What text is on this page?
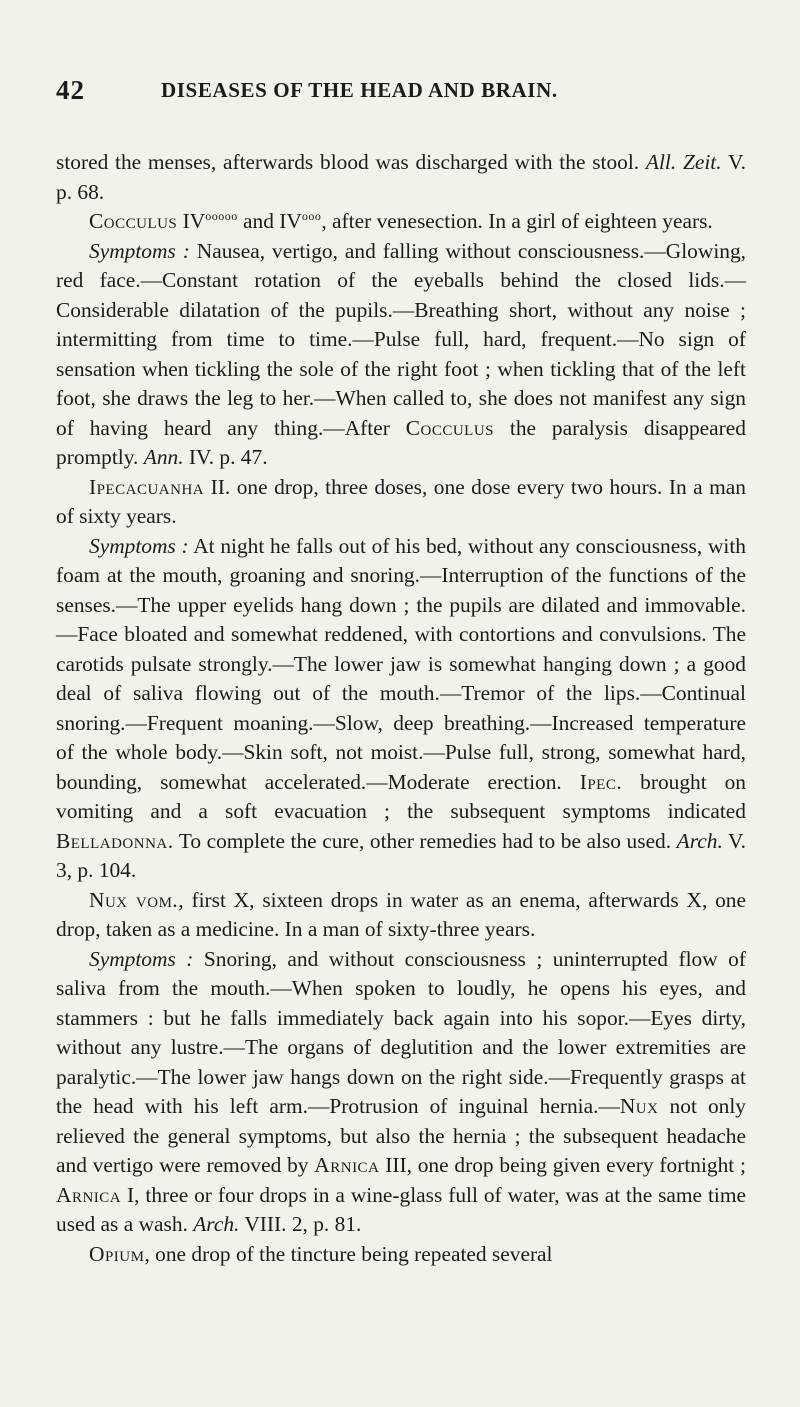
42	DISEASES OF THE HEAD AND BRAIN.

stored the menses, afterwards blood was discharged with the stool. All. Zeit. V. p. 68.

Cocculus $IV^{ooooo}$ and $IV^{ooo}$, after venesection. In a girl of eighteen years.

Symptoms : Nausea, vertigo, and falling without consciousness.—Glowing, red face.—Constant rotation of the eyeballs behind the closed lids.—Considerable dilatation of the pupils.—Breathing short, without any noise ; intermitting from time to time.—Pulse full, hard, frequent.—No sign of sensation when tickling the sole of the right foot ; when tickling that of the left foot, she draws the leg to her.—When called to, she does not manifest any sign of having heard any thing.—After Cocculus the paralysis disappeared promptly. Ann. IV. p. 47.

Ipecacuanha II. one drop, three doses, one dose every two hours. In a man of sixty years.

Symptoms : At night he falls out of his bed, without any consciousness, with foam at the mouth, groaning and snoring.—Interruption of the functions of the senses.—The upper eyelids hang down ; the pupils are dilated and immovable.—Face bloated and somewhat reddened, with contortions and convulsions. The carotids pulsate strongly.—The lower jaw is somewhat hanging down ; a good deal of saliva flowing out of the mouth.—Tremor of the lips.—Continual snoring.—Frequent moaning.—Slow, deep breathing.—Increased temperature of the whole body.—Skin soft, not moist.—Pulse full, strong, somewhat hard, bounding, somewhat accelerated.—Moderate erection. Ipec. brought on vomiting and a soft evacuation ; the subsequent symptoms indicated Belladonna. To complete the cure, other remedies had to be also used. Arch. V. 3, p. 104.

Nux vom., first X, sixteen drops in water as an enema, afterwards X, one drop, taken as a medicine. In a man of sixty-three years.

Symptoms : Snoring, and without consciousness ; uninterrupted flow of saliva from the mouth.—When spoken to loudly, he opens his eyes, and stammers : but he falls immediately back again into his sopor.—Eyes dirty, without any lustre.—The organs of deglutition and the lower extremities are paralytic.—The lower jaw hangs down on the right side.—Frequently grasps at the head with his left arm.—Protrusion of inguinal hernia.—Nux not only relieved the general symptoms, but also the hernia ; the subsequent headache and vertigo were removed by Arnica III, one drop being given every fortnight ; Arnica I, three or four drops in a wine-glass full of water, was at the same time used as a wash. Arch. VIII. 2, p. 81.

Opium, one drop of the tincture being repeated several
